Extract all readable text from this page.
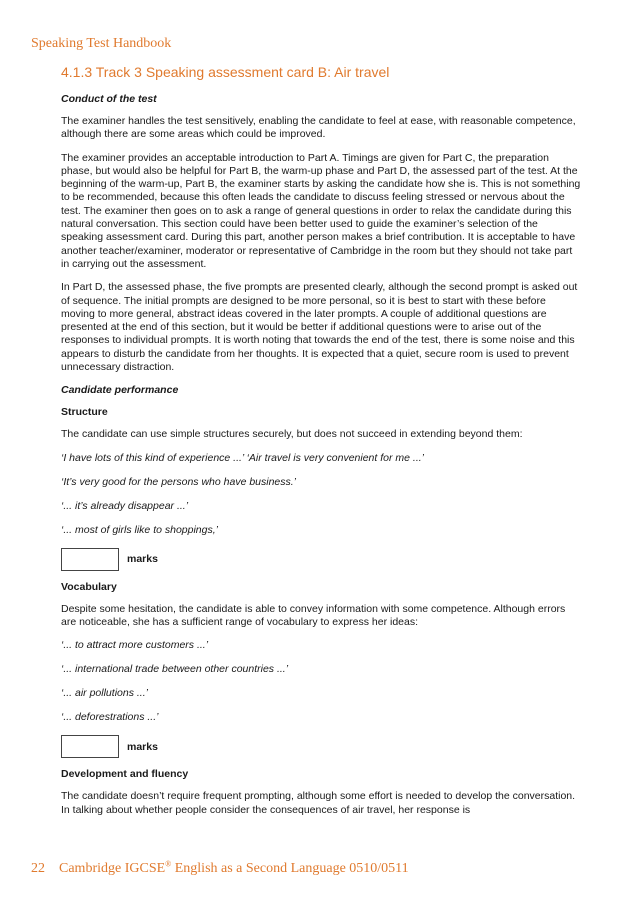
Speaking Test Handbook
4.1.3 Track 3 Speaking assessment card B: Air travel
Conduct of the test

The examiner handles the test sensitively, enabling the candidate to feel at ease, with reasonable competence, although there are some areas which could be improved.

The examiner provides an acceptable introduction to Part A. Timings are given for Part C, the preparation phase, but would also be helpful for Part B, the warm-up phase and Part D, the assessed part of the test. At the beginning of the warm-up, Part B, the examiner starts by asking the candidate how she is. This is not something to be recommended, because this often leads the candidate to discuss feeling stressed or nervous about the test. The examiner then goes on to ask a range of general questions in order to relax the candidate during this natural conversation. This section could have been better used to guide the examiner’s selection of the speaking assessment card. During this part, another person makes a brief contribution. It is acceptable to have another teacher/examiner, moderator or representative of Cambridge in the room but they should not take part in carrying out the assessment.

In Part D, the assessed phase, the five prompts are presented clearly, although the second prompt is asked out of sequence. The initial prompts are designed to be more personal, so it is best to start with these before moving to more general, abstract ideas covered in the later prompts. A couple of additional questions are presented at the end of this section, but it would be better if additional questions were to arise out of the responses to individual prompts. It is worth noting that towards the end of the test, there is some noise and this appears to disturb the candidate from her thoughts. It is expected that a quiet, secure room is used to prevent unnecessary distraction.

Candidate performance
Structure

The candidate can use simple structures securely, but does not succeed in extending beyond them:

‘I have lots of this kind of experience ...’ ‘Air travel is very convenient for me ...’

‘It’s very good for the persons who have business.’

‘... it’s already disappear ...’

‘... most of girls like to shoppings,’

marks
Vocabulary

Despite some hesitation, the candidate is able to convey information with some competence. Although errors are noticeable, she has a sufficient range of vocabulary to express her ideas:

‘... to attract more customers ...’

‘... international trade between other countries ...’

‘... air pollutions ...’

‘... deforestrations ...’

marks
Development and fluency

The candidate doesn’t require frequent prompting, although some effort is needed to develop the conversation. In talking about whether people consider the consequences of air travel, her response is

22 Cambridge IGCSE® English as a Second Language 0510/0511
